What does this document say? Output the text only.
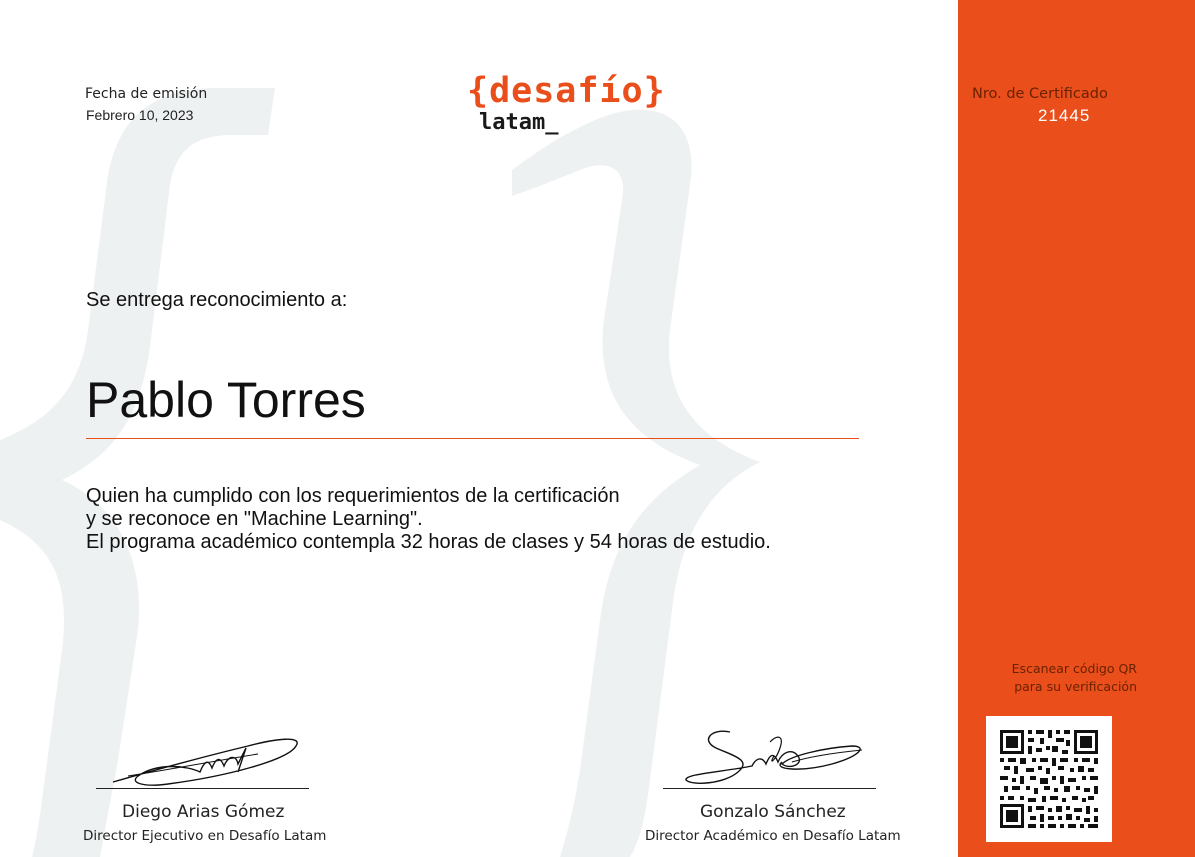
Fecha de emisión
Febrero 10, 2023
{desafío}
latam_
Se entrega reconocimiento a:
Pablo Torres
Quien ha cumplido con los requerimientos de la certificación
y se reconoce en "Machine Learning".
El programa académico contempla 32 horas de clases y 54 horas de estudio.
Diego Arias Gómez
Director Ejecutivo en Desafío Latam
Gonzalo Sánchez
Director Académico en Desafío Latam
Nro. de Certificado
21445
Escanear código QR
para su verificación
